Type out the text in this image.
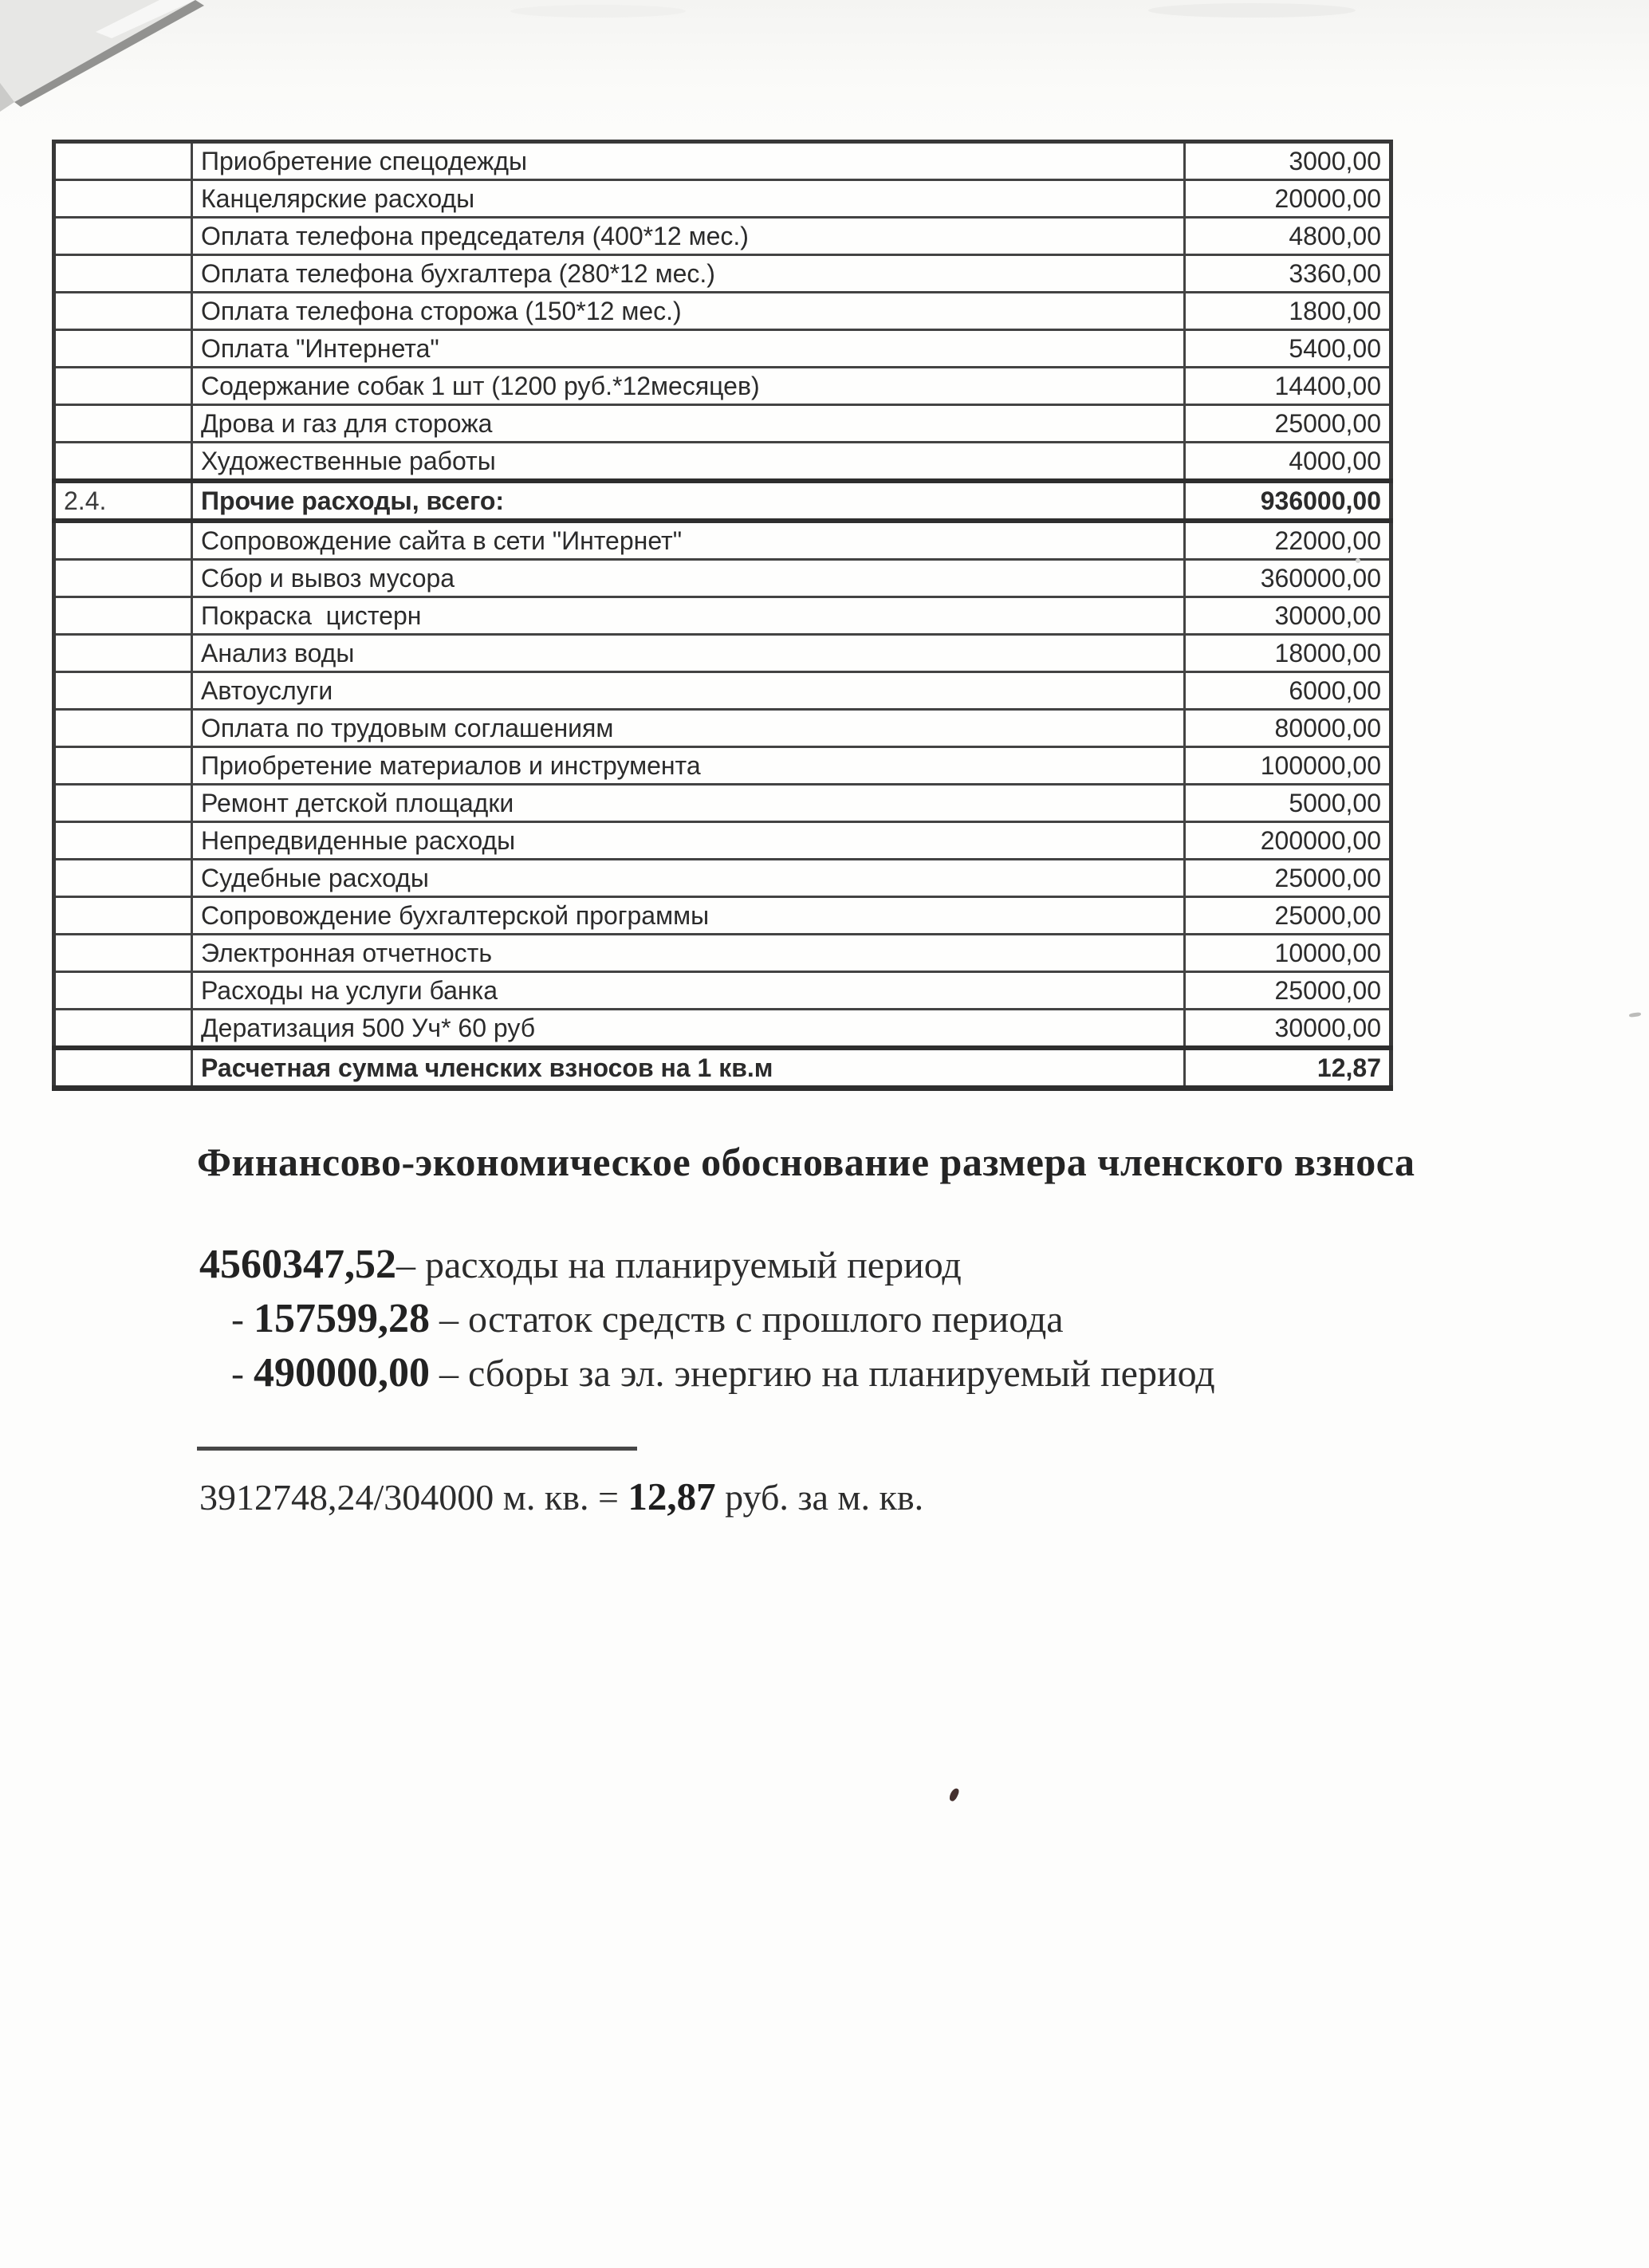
	Приобретение спецодежды	3000,00
	Канцелярские расходы	20000,00
	Оплата телефона председателя (400*12 мес.)	4800,00
	Оплата телефона бухгалтера (280*12 мес.)	3360,00
	Оплата телефона сторожа (150*12 мес.)	1800,00
	Оплата "Интернета"	5400,00
	Содержание собак 1 шт (1200 руб.*12месяцев)	14400,00
	Дрова и газ для сторожа	25000,00
	Художественные работы	4000,00
2.4.	Прочие расходы, всего:	936000,00
	Сопровождение сайта в сети "Интернет"	22000,00
	Сбор и вывоз мусора	360000,00
	Покраска  цистерн	30000,00
	Анализ воды	18000,00
	Автоуслуги	6000,00
	Оплата по трудовым соглашениям	80000,00
	Приобретение материалов и инструмента	100000,00
	Ремонт детской площадки	5000,00
	Непредвиденные расходы	200000,00
	Судебные расходы	25000,00
	Сопровождение бухгалтерской программы	25000,00
	Электронная отчетность	10000,00
	Расходы на услуги банка	25000,00
	Дератизация 500 Уч* 60 руб	30000,00
	Расчетная сумма членских взносов на 1 кв.м	12,87
Финансово-экономическое обоснование размера членского взноса
4560347,52– расходы на планируемый период
- 157599,28 – остаток средств с прошлого периода
- 490000,00 – сборы за эл. энергию на планируемый период

3912748,24/304000 м. кв. = 12,87 руб. за м. кв.
